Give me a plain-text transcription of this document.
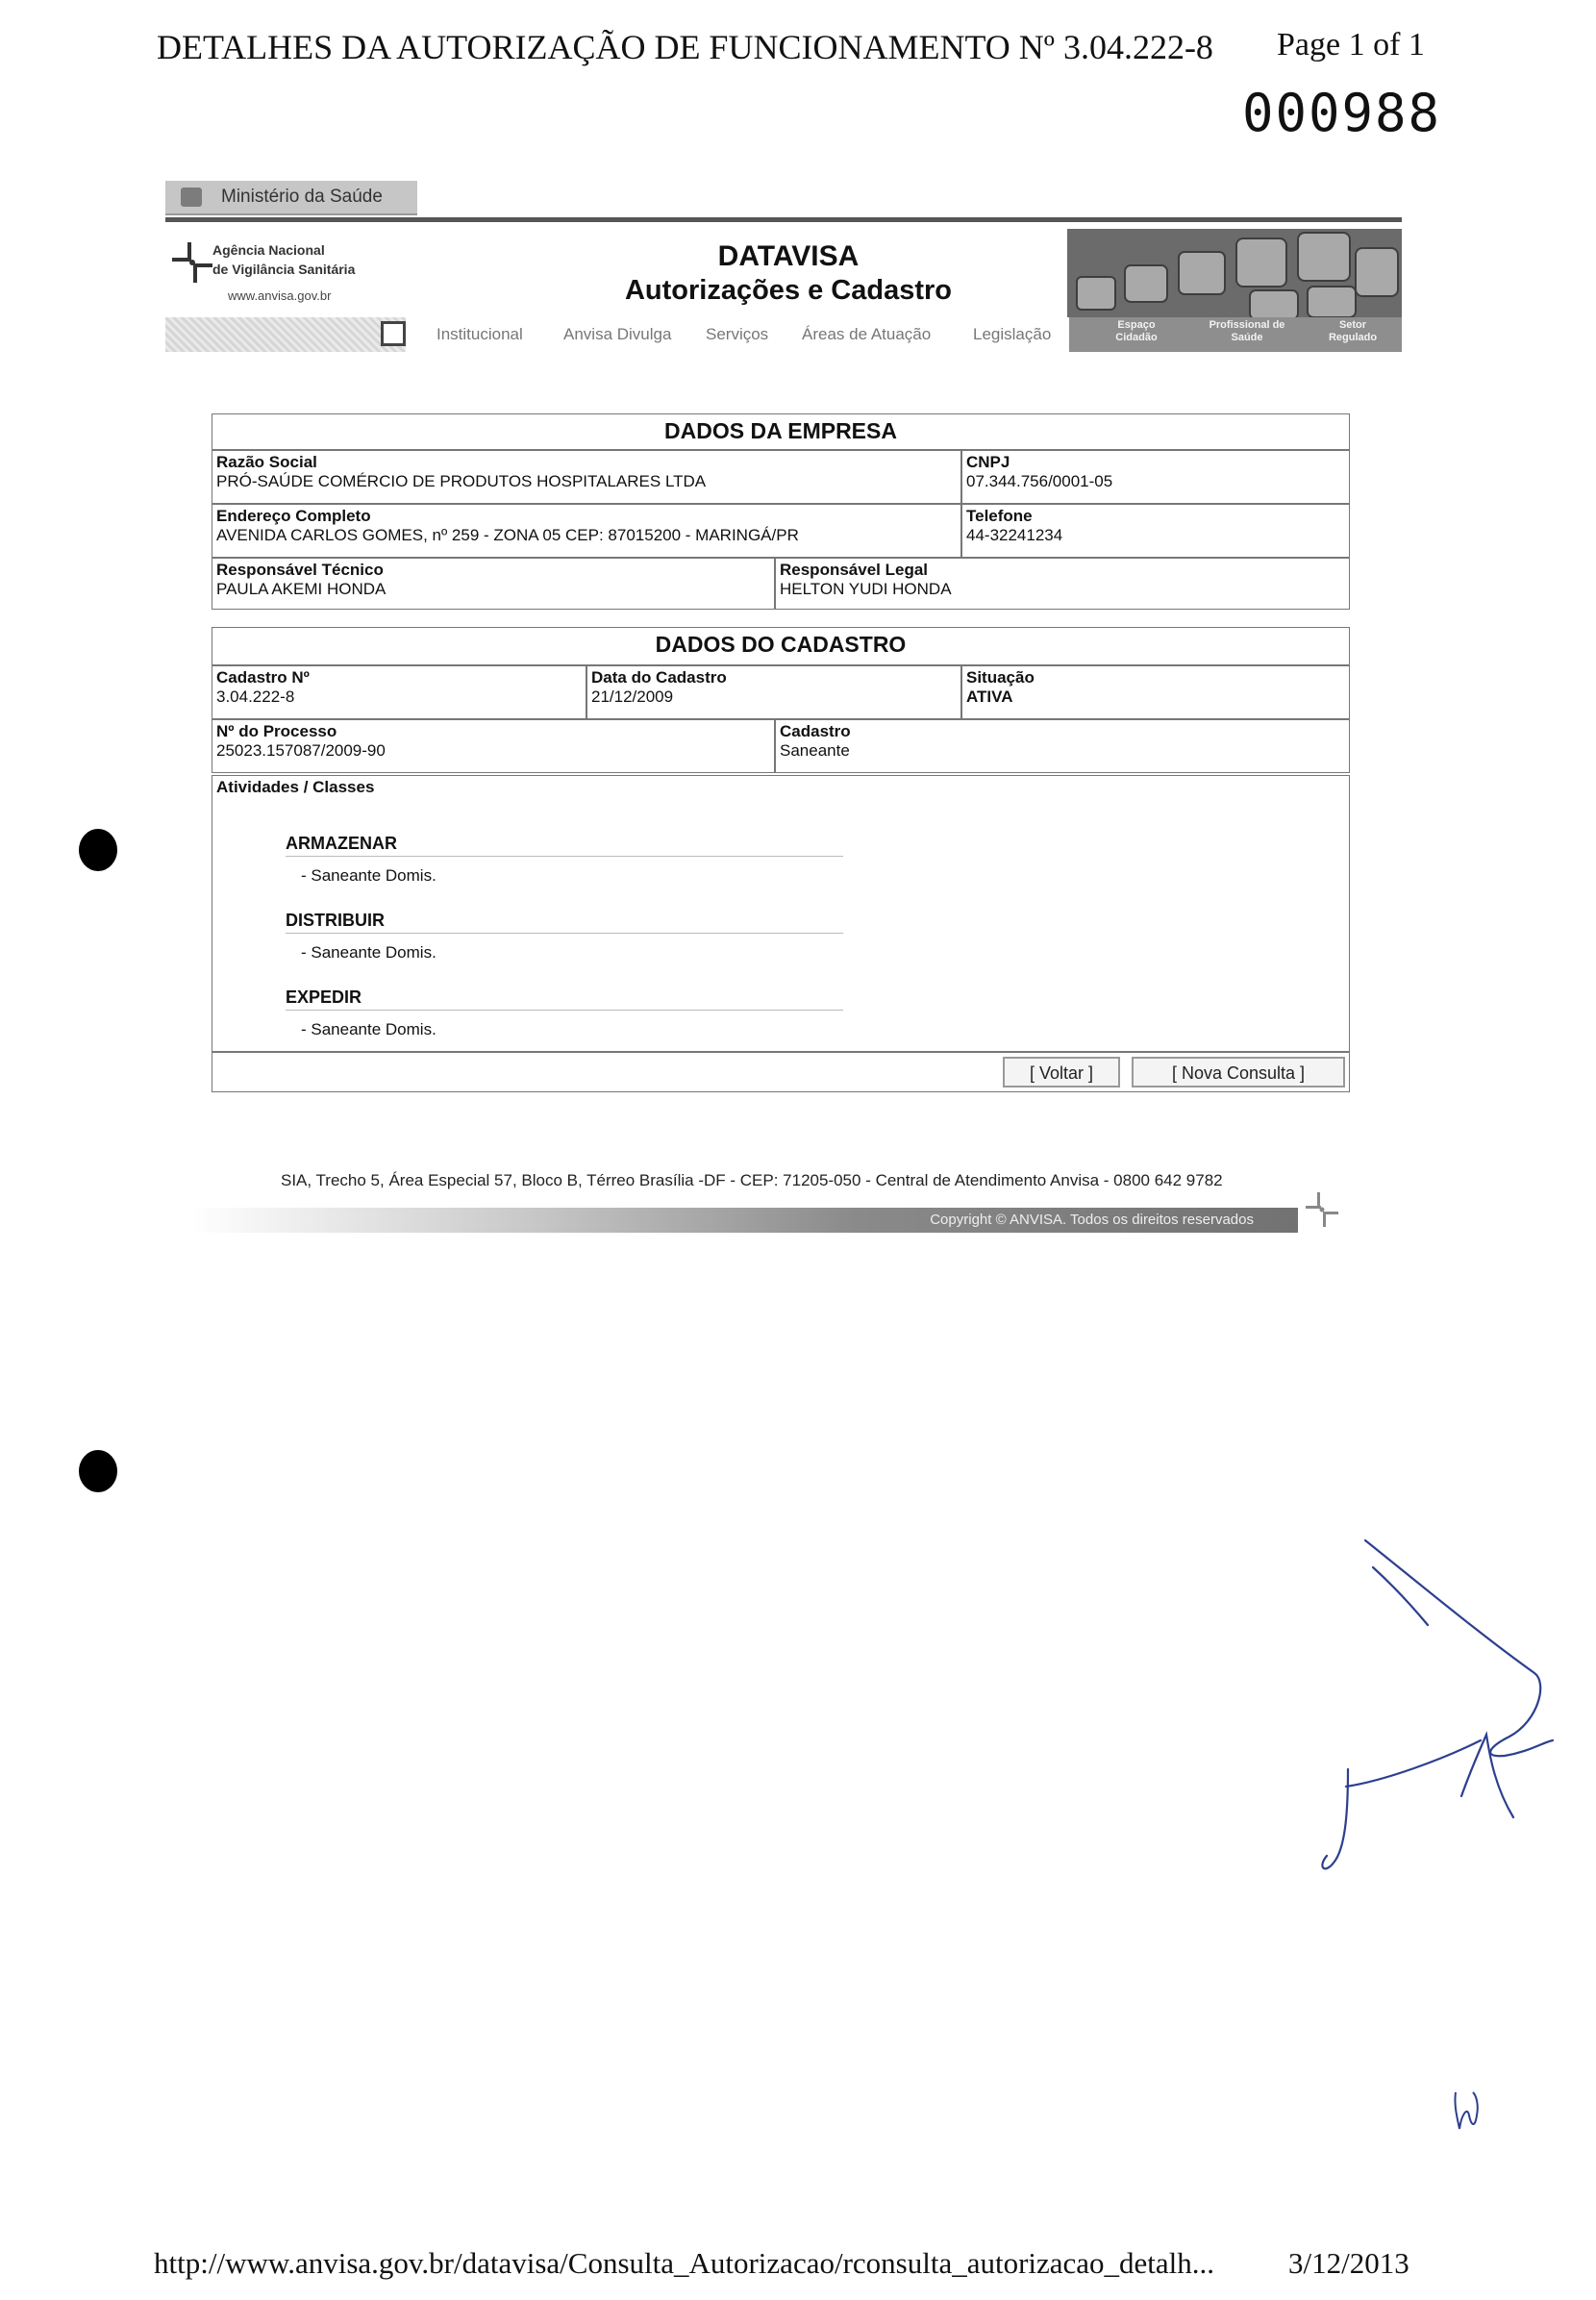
DETALHES DA AUTORIZAÇÃO DE FUNCIONAMENTO Nº 3.04.222-8 Page 1 of 1
000988
Ministério da Saúde
Agência Nacional
de Vigilância Sanitária
www.anvisa.gov.br
DATAVISA
Autorizações e Cadastro
Institucional Anvisa Divulga Serviços Áreas de Atuação	Legislação	Espaço Cidadão
Profissional de Saúde
Setor Regulado
DADOS DA EMPRESA
Razão Social
PRÓ-SAÚDE COMÉRCIO DE PRODUTOS HOSPITALARES LTDA
CNPJ
07.344.756/0001-05
Endereço Completo
AVENIDA CARLOS GOMES, nº 259 - ZONA 05 CEP: 87015200 - MARINGÁ/PR
Telefone
44-32241234
Responsável Técnico
PAULA AKEMI HONDA
Responsável Legal
HELTON YUDI HONDA
DADOS DO CADASTRO
Cadastro Nº
3.04.222-8
Data do Cadastro
21/12/2009
Situação
ATIVA
Nº do Processo
25023.157087/2009-90
Cadastro
Saneante
Atividades / Classes
ARMAZENAR
- Saneante Domis.
DISTRIBUIR
- Saneante Domis.
EXPEDIR
- Saneante Domis.
[ Voltar ]	[ Nova Consulta ]
SIA, Trecho 5, Área Especial 57, Bloco B, Térreo Brasília -DF - CEP: 71205-050 - Central de Atendimento Anvisa - 0800 642 9782
Copyright © ANVISA. Todos os direitos reservados
http://www.anvisa.gov.br/datavisa/Consulta_Autorizacao/rconsulta_autorizacao_detalh... 3/12/2013
